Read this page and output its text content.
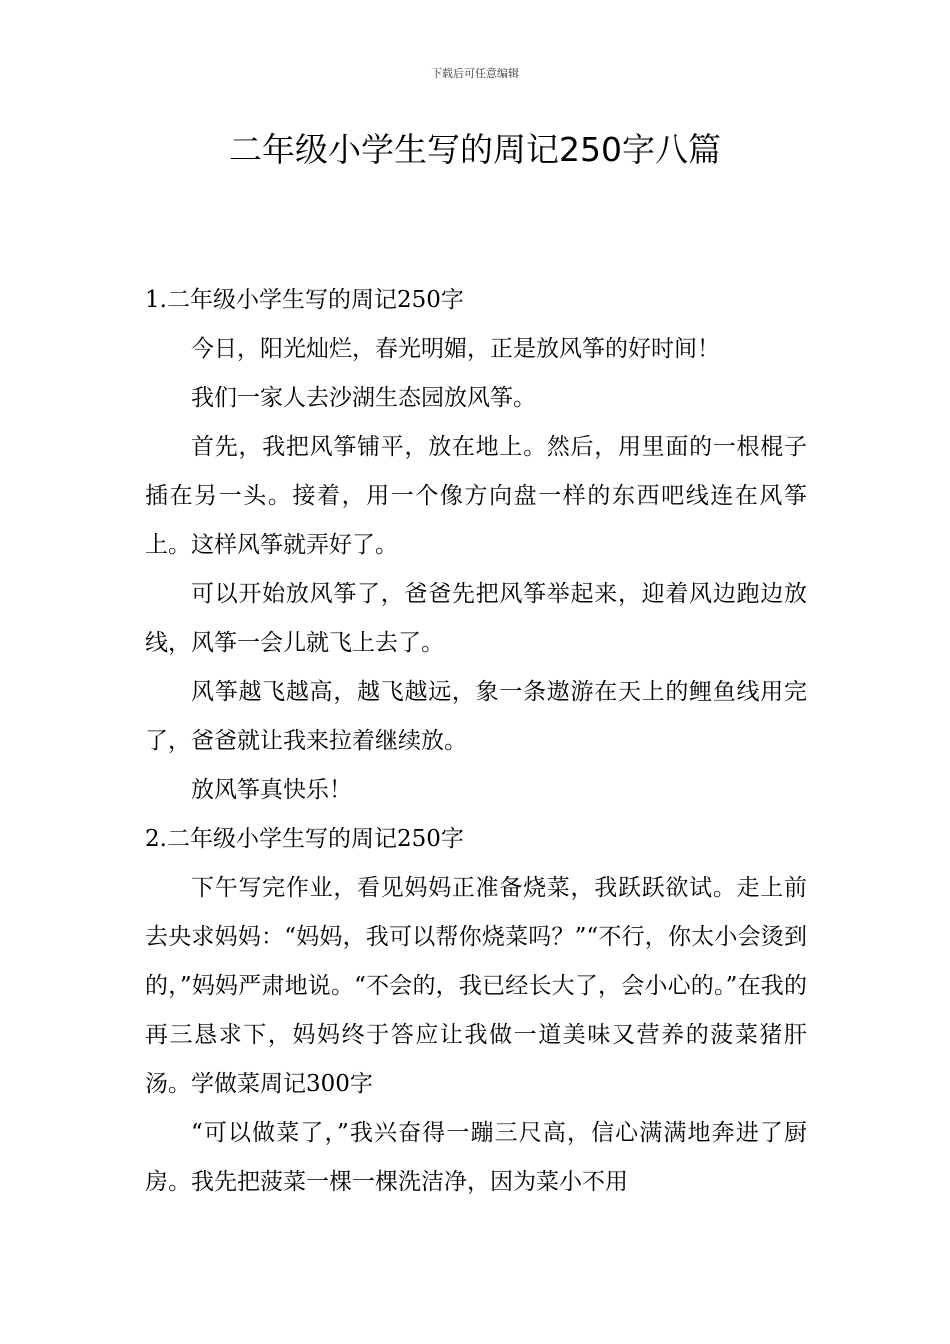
下载后可任意编辑
二年级小学生写的周记250字八篇

1.二年级小学生写的周记250字

今日，阳光灿烂，春光明媚，正是放风筝的好时间！

我们一家人去沙湖生态园放风筝。

首先，我把风筝铺平，放在地上。然后，用里面的一根棍子插在另一头。接着，用一个像方向盘一样的东西吧线连在风筝上。这样风筝就弄好了。

可以开始放风筝了，爸爸先把风筝举起来，迎着风边跑边放线，风筝一会儿就飞上去了。

风筝越飞越高，越飞越远，象一条遨游在天上的鲤鱼线用完了，爸爸就让我来拉着继续放。

放风筝真快乐！

2.二年级小学生写的周记250字

下午写完作业，看见妈妈正准备烧菜，我跃跃欲试。走上前去央求妈妈：“妈妈，我可以帮你烧菜吗？”“不行，你太小会烫到的，”妈妈严肃地说。“不会的，我已经长大了，会小心的。”在我的再三恳求下，妈妈终于答应让我做一道美味又营养的菠菜猪肝汤。学做菜周记300字

“可以做菜了，”我兴奋得一蹦三尺高，信心满满地奔进了厨房。我先把菠菜一棵一棵洗洁净，因为菜小不用
